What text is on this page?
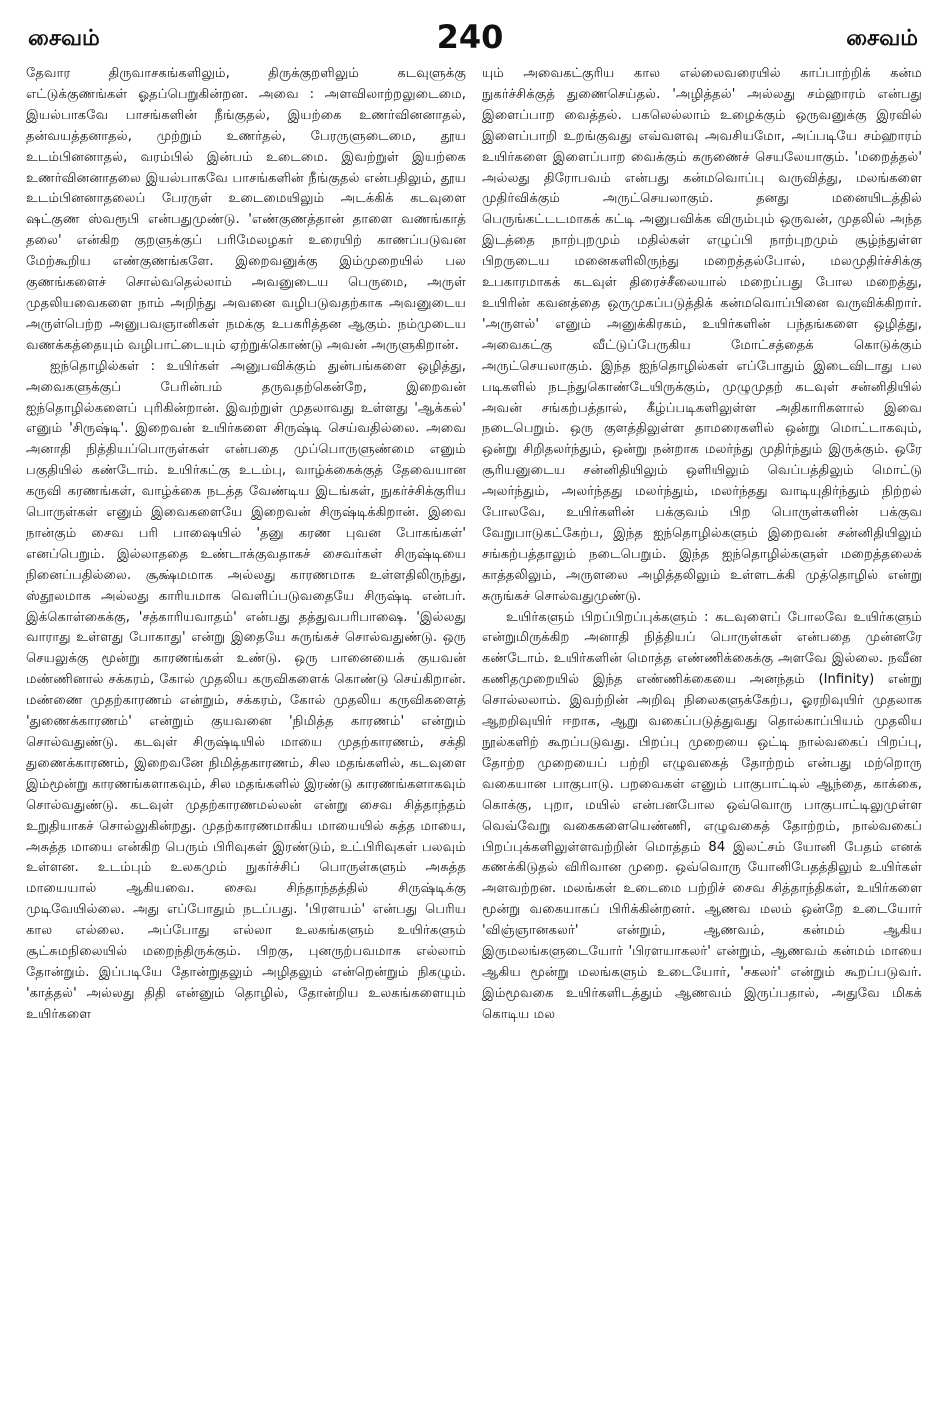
சைவம்	240	சைவம்

தேவார திருவாசகங்களிலும், திருக்குறளிலும் கடவுளுக்கு எட்டுக்குணங்கள் ஓதப்பெறுகின்றன. அவை : அளவிலாற்றலுடைமை, இயல்பாகவே பாசங்களின் நீங்குதல், இயற்கை உணர்வினனாதல், தன்வயத்தனாதல், முற்றும் உணர்தல், பேரருளுடைமை, தூய உடம்பினனாதல், வரம்பில் இன்பம் உடைமை. இவற்றுள் இயற்கை உணர்வினனாதலை இயல்பாகவே பாசங்களின் நீங்குதல் என்பதிலும், தூய உடம்பினனாதலைப் பேரருள் உடைமையிலும் அடக்கிக் கடவுளை ஷட்குண ஸ்வரூபி என்பதுமுண்டு. 'எண்குணத்தான் தாளை வணங்காத் தலை' என்கிற குறளுக்குப் பரிமேலழகர் உரையிற் காணப்படுவன மேற்கூறிய எண்குணங்களே. இறைவனுக்கு இம்முறையில் பல குணங்களைச் சொல்வதெல்லாம் அவனுடைய பெருமை, அருள் முதலியவைகளை நாம் அறிந்து அவனை வழிபடுவதற்காக அவனுடைய அருள்பெற்ற அனுபவஞானிகள் நமக்கு உபகரித்தன ஆகும். நம்முடைய வணக்கத்தையும் வழிபாட்டையும் ஏற்றுக்கொண்டு அவன் அருளுகிறான்.

ஐந்தொழில்கள் : உயிர்கள் அனுபவிக்கும் துன்பங்களை ஒழித்து, அவைகளுக்குப் பேரின்பம் தருவதற்கென்றே, இறைவன் ஐந்தொழில்களைப் புரிகின்றான். இவற்றுள் முதலாவது உள்ளது 'ஆக்கல்' எனும் 'சிருஷ்டி'. இறைவன் உயிர்களை சிருஷ்டி செய்வதில்லை. அவை அனாதி நித்தியப்பொருள்கள் என்பதை முப்பொருளுண்மை எனும் பகுதியில் கண்டோம். உயிர்கட்கு உடம்பு, வாழ்க்கைக்குத் தேவையான கருவி கரணங்கள், வாழ்க்கை நடத்த வேண்டிய இடங்கள், நுகர்ச்சிக்குரிய பொருள்கள் எனும் இவைகளையே இறைவன் சிருஷ்டிக்கிறான். இவை நான்கும் சைவ பரி பாஷையில் 'தனு கரண புவன போகங்கள்' எனப்பெறும். இல்லாததை உண்டாக்குவதாகச் சைவர்கள் சிருஷ்டியை நினைப்பதில்லை. சூக்ஷ்மமாக அல்லது காரணமாக உள்ளதிலிருந்து, ஸ்தூலமாக அல்லது காரியமாக வெளிப்படுவதையே சிருஷ்டி என்பர். இக்கொள்கைக்கு, 'சத்காரியவாதம்' என்பது தத்துவபரிபாஷை. 'இல்லது வாராது உள்ளது போகாது' என்று இதையே சுருங்கச் சொல்வதுண்டு. ஒரு செயலுக்கு மூன்று காரணங்கள் உண்டு. ஒரு பானையைக் குயவன் மண்ணினால் சக்கரம், கோல் முதலிய கருவிகளைக் கொண்டு செய்கிறான். மண்ணை முதற்காரணம் என்றும், சக்கரம், கோல் முதலிய கருவிகளைத் 'துணைக்காரணம்' என்றும் குயவனை 'நிமித்த காரணம்' என்றும் சொல்வதுண்டு. கடவுள் சிருஷ்டியில் மாயை முதற்காரணம், சக்தி துணைக்காரணம், இறைவனே நிமித்தகாரணம், சில மதங்களில், கடவுளை இம்மூன்று காரணங்களாகவும், சில மதங்களில் இரண்டு காரணங்களாகவும் சொல்வதுண்டு. கடவுள் முதற்காரணமல்லன் என்று சைவ சித்தாந்தம் உறுதியாகச் சொல்லுகின்றது. முதற்காரணமாகிய மாயையில் சுத்த மாயை, அசுத்த மாயை என்கிற பெரும் பிரிவுகள் இரண்டும், உட்பிரிவுகள் பலவும் உள்ளன. உடம்பும் உலகமும் நுகர்ச்சிப் பொருள்களும் அசுத்த மாயையால் ஆகியவை. சைவ சிந்தாந்தத்தில் சிருஷ்டிக்கு முடிவேயில்லை. அது எப்போதும் நடப்பது. 'பிரளயம்' என்பது பெரிய கால எல்லை. அப்போது எல்லா உலகங்களும் உயிர்களும் சூட்சுமநிலையில் மறைந்திருக்கும். பிறகு, புனருற்பவமாக எல்லாம் தோன்றும். இப்படியே தோன்றுதலும் அழிதலும் என்றென்றும் நிகழும். 'காத்தல்' அல்லது திதி என்னும் தொழில், தோன்றிய உலகங்களையும் உயிர்களை

யும் அவைகட்குரிய கால எல்லைவரையில் காப்பாற்றிக் கன்ம நுகர்ச்சிக்குத் துணைசெய்தல். 'அழித்தல்' அல்லது சம்ஹாரம் என்பது இளைப்பாற வைத்தல். பகலெல்லாம் உழைக்கும் ஒருவனுக்கு இரவில் இளைப்பாறி உறங்குவது எவ்வளவு அவசியமோ, அப்படியே சம்ஹாரம் உயிர்களை இளைப்பாற வைக்கும் கருணைச் செயலேயாகும். 'மறைத்தல்' அல்லது திரோபவம் என்பது கன்மவொப்பு வருவித்து, மலங்களை முதிர்விக்கும் அருட்செயலாகும். தனது மனையிடத்தில் பெருங்கட்டடமாகக் கட்டி அனுபவிக்க விரும்பும் ஒருவன், முதலில் அந்த இடத்தை நாற்புறமும் மதில்கள் எழுப்பி நாற்புறமும் சூழ்ந்துள்ள பிறருடைய மனைகளிலிருந்து மறைத்தல்போல், மலமுதிர்ச்சிக்கு உபகாரமாகக் கடவுள் திரைச்சீலையால் மறைப்பது போல மறைத்து, உயிரின் கவனத்தை ஒருமுகப்படுத்திக் கன்மவொப்பினை வருவிக்கிறார். 'அருளல்' எனும் அனுக்கிரகம், உயிர்களின் பந்தங்களை ஒழித்து, அவைகட்கு வீட்டுப்பேருகிய மோட்சத்தைக் கொடுக்கும் அருட்செயலாகும். இந்த ஐந்தொழில்கள் எப்போதும் இடைவிடாது பல படிகளில் நடந்துகொண்டேயிருக்கும், முழுமுதற் கடவுள் சன்னிதியில் அவன் சங்கற்பத்தால், கீழ்ப்படிகளிலுள்ள அதிகாரிகளால் இவை நடைபெறும். ஒரு குளத்திலுள்ள தாமரைகளில் ஒன்று மொட்டாகவும், ஒன்று சிறிதலர்ந்தும், ஒன்று நன்றாக மலர்ந்து முதிர்ந்தும் இருக்கும். ஒரே சூரியனுடைய சன்னிதியிலும் ஒளியிலும் வெப்பத்திலும் மொட்டு அலர்ந்தும், அலர்ந்தது மலர்ந்தும், மலர்ந்தது வாடியுதிர்ந்தும் நிற்றல் போலவே, உயிர்களின் பக்குவம் பிற பொருள்களின் பக்குவ வேறுபாடுகட்கேற்ப, இந்த ஐந்தொழில்களும் இறைவன் சன்னிதியிலும் சங்கற்பத்தாலும் நடைபெறும். இந்த ஐந்தொழில்களுள் மறைத்தலைக் காத்தலிலும், அருளலை அழித்தலிலும் உள்ளடக்கி முத்தொழில் என்று சுருங்கச் சொல்வதுமுண்டு.

உயிர்களும் பிறப்பிறப்புக்களும் : கடவுளைப் போலவே உயிர்களும் என்றுமிருக்கிற அனாதி நித்தியப் பொருள்கள் என்பதை முன்னரே கண்டோம். உயிர்களின் மொத்த எண்ணிக்கைக்கு அளவே இல்லை. நவீன கணிதமுறையில் இந்த எண்ணிக்கையை அனந்தம் (Infinity) என்று சொல்லலாம். இவற்றின் அறிவு நிலைகளுக்கேற்ப, ஓரறிவுயிர் முதலாக ஆறறிவுயிர் ஈறாக, ஆறு வகைப்படுத்துவது தொல்காப்பியம் முதலிய நூல்களிற் கூறப்படுவது. பிறப்பு முறையை ஒட்டி நால்வகைப் பிறப்பு, தோற்ற முறையைப் பற்றி எழுவகைத் தோற்றம் என்பது மற்றொரு வகையான பாகுபாடு. பறவைகள் எனும் பாகுபாட்டில் ஆந்தை, காக்கை, கொக்கு, புறா, மயில் என்பனபோல ஒவ்வொரு பாகுபாட்டிலுமுள்ள வெவ்வேறு வகைகளையெண்ணி, எழுவகைத் தோற்றம், நால்வகைப் பிறப்புக்களிலுள்ளவற்றின் மொத்தம் 84 இலட்சம் யோனி பேதம் எனக் கணக்கிடுதல் விரிவான முறை. ஒவ்வொரு யோனிபேதத்திலும் உயிர்கள் அளவற்றன. மலங்கள் உடைமை பற்றிச் சைவ சித்தாந்திகள், உயிர்களை மூன்று வகையாகப் பிரிக்கின்றனர். ஆணவ மலம் ஒன்றே உடையோர் 'விஞ்ஞானகலர்' என்றும், ஆணவம், கன்மம் ஆகிய இருமலங்களுடையோர் 'பிரளயாகலர்' என்றும், ஆணவம் கன்மம் மாயை ஆகிய மூன்று மலங்களும் உடையோர், 'சகலர்' என்றும் கூறப்படுவர். இம்மூவகை உயிர்களிடத்தும் ஆணவம் இருப்பதால், அதுவே மிகக் கொடிய மல
